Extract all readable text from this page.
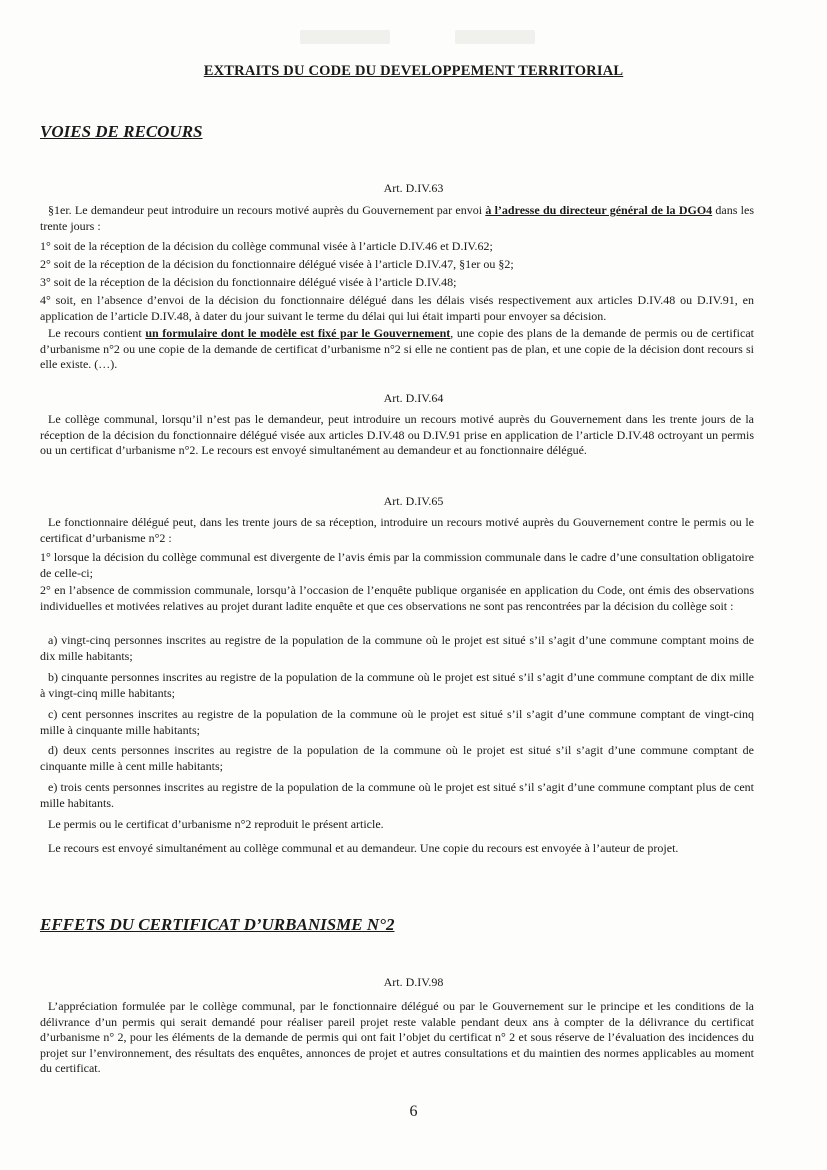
EXTRAITS DU CODE DU DEVELOPPEMENT TERRITORIAL
VOIES DE RECOURS
Art. D.IV.63
§1er. Le demandeur peut introduire un recours motivé auprès du Gouvernement par envoi à l’adresse du directeur général de la DGO4 dans les trente jours :
1° soit de la réception de la décision du collège communal visée à l’article D.IV.46 et D.IV.62;
2° soit de la réception de la décision du fonctionnaire délégué visée à l’article D.IV.47, §1er ou §2;
3° soit de la réception de la décision du fonctionnaire délégué visée à l’article D.IV.48;
4° soit, en l’absence d’envoi de la décision du fonctionnaire délégué dans les délais visés respectivement aux articles D.IV.48 ou D.IV.91, en application de l’article D.IV.48, à dater du jour suivant le terme du délai qui lui était imparti pour envoyer sa décision.
Le recours contient un formulaire dont le modèle est fixé par le Gouvernement, une copie des plans de la demande de permis ou de certificat d’urbanisme n°2 ou une copie de la demande de certificat d’urbanisme n°2 si elle ne contient pas de plan, et une copie de la décision dont recours si elle existe. (…).
Art. D.IV.64
Le collège communal, lorsqu’il n’est pas le demandeur, peut introduire un recours motivé auprès du Gouvernement dans les trente jours de la réception de la décision du fonctionnaire délégué visée aux articles D.IV.48 ou D.IV.91 prise en application de l’article D.IV.48 octroyant un permis ou un certificat d’urbanisme n°2. Le recours est envoyé simultanément au demandeur et au fonctionnaire délégué.
Art. D.IV.65
Le fonctionnaire délégué peut, dans les trente jours de sa réception, introduire un recours motivé auprès du Gouvernement contre le permis ou le certificat d’urbanisme n°2 :
1° lorsque la décision du collège communal est divergente de l’avis émis par la commission communale dans le cadre d’une consultation obligatoire de celle-ci;
2° en l’absence de commission communale, lorsqu’à l’occasion de l’enquête publique organisée en application du Code, ont émis des observations individuelles et motivées relatives au projet durant ladite enquête et que ces observations ne sont pas rencontrées par la décision du collège soit :
a) vingt-cinq personnes inscrites au registre de la population de la commune où le projet est situé s’il s’agit d’une commune comptant moins de dix mille habitants;
b) cinquante personnes inscrites au registre de la population de la commune où le projet est situé s’il s’agit d’une commune comptant de dix mille à vingt-cinq mille habitants;
c) cent personnes inscrites au registre de la population de la commune où le projet est situé s’il s’agit d’une commune comptant de vingt-cinq mille à cinquante mille habitants;
d) deux cents personnes inscrites au registre de la population de la commune où le projet est situé s’il s’agit d’une commune comptant de cinquante mille à cent mille habitants;
e) trois cents personnes inscrites au registre de la population de la commune où le projet est situé s’il s’agit d’une commune comptant plus de cent mille habitants.
Le permis ou le certificat d’urbanisme n°2 reproduit le présent article.
Le recours est envoyé simultanément au collège communal et au demandeur. Une copie du recours est envoyée à l’auteur de projet.
EFFETS DU CERTIFICAT D’URBANISME N°2
Art. D.IV.98
L’appréciation formulée par le collège communal, par le fonctionnaire délégué ou par le Gouvernement sur le principe et les conditions de la délivrance d’un permis qui serait demandé pour réaliser pareil projet reste valable pendant deux ans à compter de la délivrance du certificat d’urbanisme n° 2, pour les éléments de la demande de permis qui ont fait l’objet du certificat n° 2 et sous réserve de l’évaluation des incidences du projet sur l’environnement, des résultats des enquêtes, annonces de projet et autres consultations et du maintien des normes applicables au moment du certificat.
6
